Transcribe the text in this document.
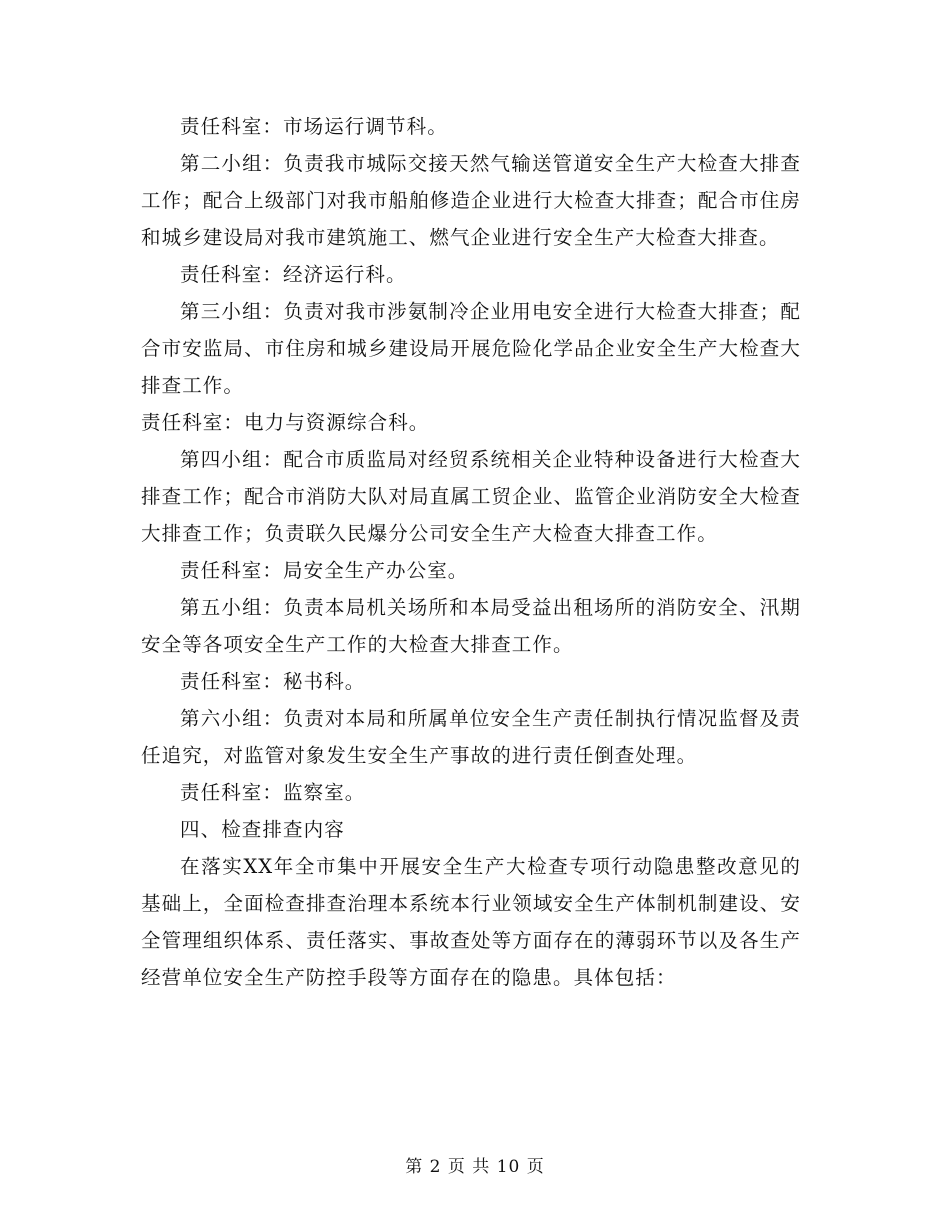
责任科室：市场运行调节科。

第二小组：负责我市城际交接天然气输送管道安全生产大检查大排查工作；配合上级部门对我市船舶修造企业进行大检查大排查；配合市住房和城乡建设局对我市建筑施工、燃气企业进行安全生产大检查大排查。

责任科室：经济运行科。

第三小组：负责对我市涉氨制冷企业用电安全进行大检查大排查；配合市安监局、市住房和城乡建设局开展危险化学品企业安全生产大检查大排查工作。

责任科室：电力与资源综合科。

第四小组：配合市质监局对经贸系统相关企业特种设备进行大检查大排查工作；配合市消防大队对局直属工贸企业、监管企业消防安全大检查大排查工作；负责联久民爆分公司安全生产大检查大排查工作。

责任科室：局安全生产办公室。

第五小组：负责本局机关场所和本局受益出租场所的消防安全、汛期安全等各项安全生产工作的大检查大排查工作。

责任科室：秘书科。

第六小组：负责对本局和所属单位安全生产责任制执行情况监督及责任追究，对监管对象发生安全生产事故的进行责任倒查处理。

责任科室：监察室。

四、检查排查内容

在落实XX年全市集中开展安全生产大检查专项行动隐患整改意见的基础上，全面检查排查治理本系统本行业领域安全生产体制机制建设、安全管理组织体系、责任落实、事故查处等方面存在的薄弱环节以及各生产经营单位安全生产防控手段等方面存在的隐患。具体包括：

第 2 页 共 10 页
